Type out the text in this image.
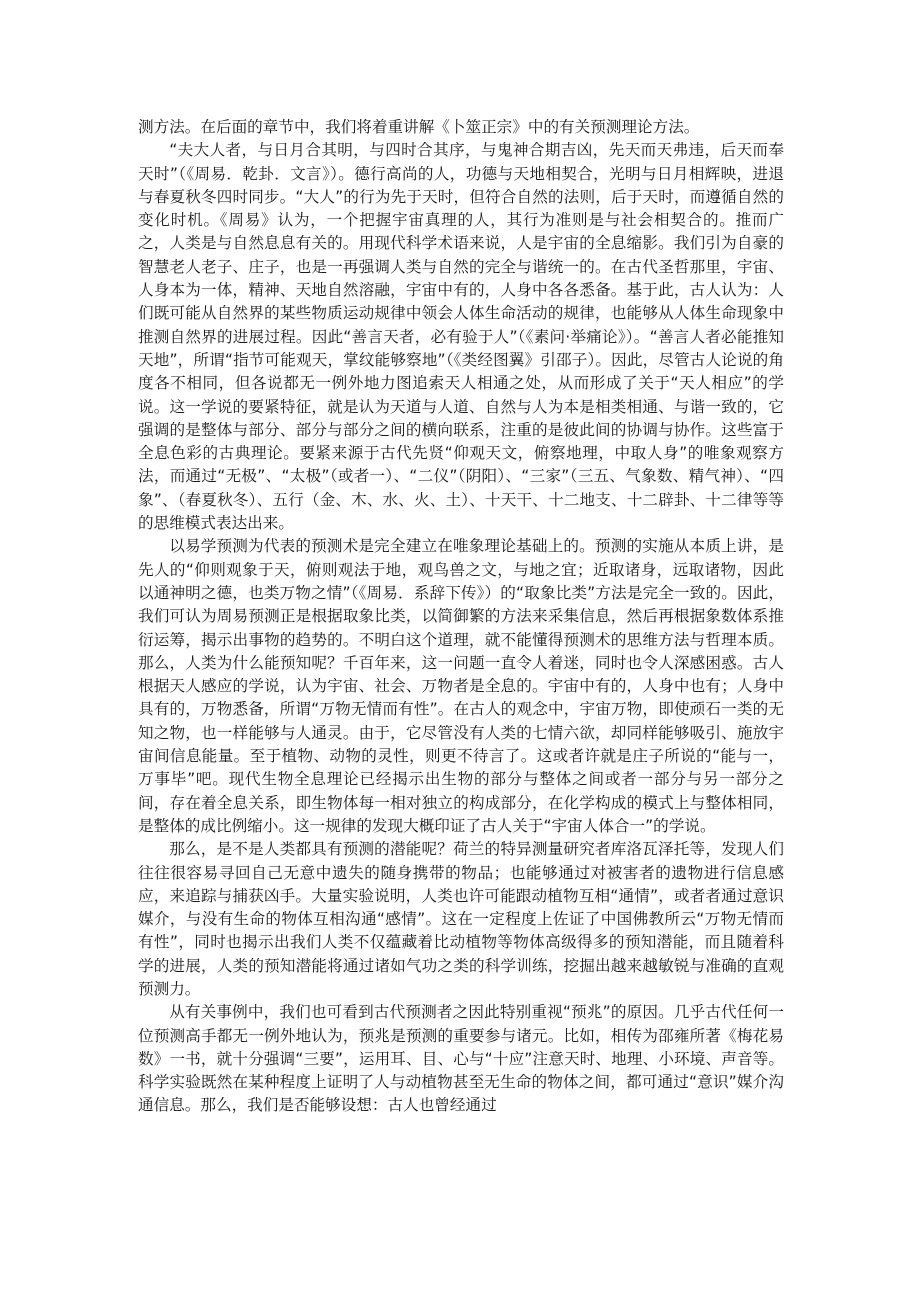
测方法。在后面的章节中，我们将着重讲解《卜筮正宗》中的有关预测理论方法。

“夫大人者，与日月合其明，与四时合其序，与鬼神合期吉凶，先天而天弗违，后天而奉天时”（《周易．乾卦．文言》）。德行高尚的人，功德与天地相契合，光明与日月相辉映，进退与春夏秋冬四时同步。“大人”的行为先于天时，但符合自然的法则，后于天时，而遵循自然的变化时机。《周易》认为，一个把握宇宙真理的人，其行为准则是与社会相契合的。推而广之，人类是与自然息息有关的。用现代科学术语来说，人是宇宙的全息缩影。我们引为自豪的智慧老人老子、庄子，也是一再强调人类与自然的完全与谐统一的。在古代圣哲那里，宇宙、人身本为一体，精神、天地自然溶融，宇宙中有的，人身中各各悉备。基于此，古人认为：人们既可能从自然界的某些物质运动规律中领会人体生命活动的规律，也能够从人体生命现象中推测自然界的进展过程。因此“善言天者，必有验于人”（《素问·举痛论》）。“善言人者必能推知天地”，所谓“指节可能观天，掌纹能够察地”（《类经图翼》引邵子）。因此，尽管古人论说的角度各不相同，但各说都无一例外地力图追索天人相通之处，从而形成了关于“天人相应”的学说。这一学说的要紧特征，就是认为天道与人道、自然与人为本是相类相通、与谐一致的，它强调的是整体与部分、部分与部分之间的横向联系，注重的是彼此间的协调与协作。这些富于全息色彩的古典理论。要紧来源于古代先贤“仰观天文，俯察地理，中取人身”的唯象观察方法，而通过“无极”、“太极”（或者一）、“二仪”（阴阳）、“三家”（三五、气象数、精气神）、“四象”、（春夏秋冬）、五行（金、木、水、火、土）、十天干、十二地支、十二辟卦、十二律等等的思维模式表达出来。

以易学预测为代表的预测术是完全建立在唯象理论基础上的。预测的实施从本质上讲，是先人的“仰则观象于天，俯则观法于地，观鸟兽之文，与地之宜；近取诸身，远取诸物，因此以通神明之德，也类万物之情”（《周易．系辞下传》）的“取象比类”方法是完全一致的。因此，我们可认为周易预测正是根据取象比类，以简御繁的方法来采集信息，然后再根据象数体系推衍运筹，揭示出事物的趋势的。不明白这个道理，就不能懂得预测术的思维方法与哲理本质。那么，人类为什么能预知呢？千百年来，这一问题一直令人着迷，同时也令人深感困惑。古人根据天人感应的学说，认为宇宙、社会、万物者是全息的。宇宙中有的，人身中也有；人身中具有的，万物悉备，所谓“万物无情而有性”。在古人的观念中，宇宙万物，即使顽石一类的无知之物，也一样能够与人通灵。由于，它尽管没有人类的七情六欲，却同样能够吸引、施放宇宙间信息能量。至于植物、动物的灵性，则更不待言了。这或者许就是庄子所说的“能与一，万事毕”吧。现代生物全息理论已经揭示出生物的部分与整体之间或者一部分与另一部分之间，存在着全息关系，即生物体每一相对独立的构成部分，在化学构成的模式上与整体相同，是整体的成比例缩小。这一规律的发现大概印证了古人关于“宇宙人体合一”的学说。

那么，是不是人类都具有预测的潜能呢？荷兰的特异测量研究者库洛瓦泽托等，发现人们往往很容易寻回自己无意中遗失的随身携带的物品；也能够通过对被害者的遗物进行信息感应，来追踪与捕获凶手。大量实验说明，人类也许可能跟动植物互相“通情”，或者者通过意识媒介，与没有生命的物体互相沟通“感情”。这在一定程度上佐证了中国佛教所云“万物无情而有性”，同时也揭示出我们人类不仅蕴藏着比动植物等物体高级得多的预知潜能，而且随着科学的进展，人类的预知潜能将通过诸如气功之类的科学训练，挖掘出越来越敏锐与准确的直观预测力。

从有关事例中，我们也可看到古代预测者之因此特别重视“预兆”的原因。几乎古代任何一位预测高手都无一例外地认为，预兆是预测的重要参与诸元。比如，相传为邵雍所著《梅花易数》一书，就十分强调“三要”，运用耳、目、心与“十应”注意天时、地理、小环境、声音等。科学实验既然在某种程度上证明了人与动植物甚至无生命的物体之间，都可通过“意识”媒介沟通信息。那么，我们是否能够设想：古人也曾经通过
